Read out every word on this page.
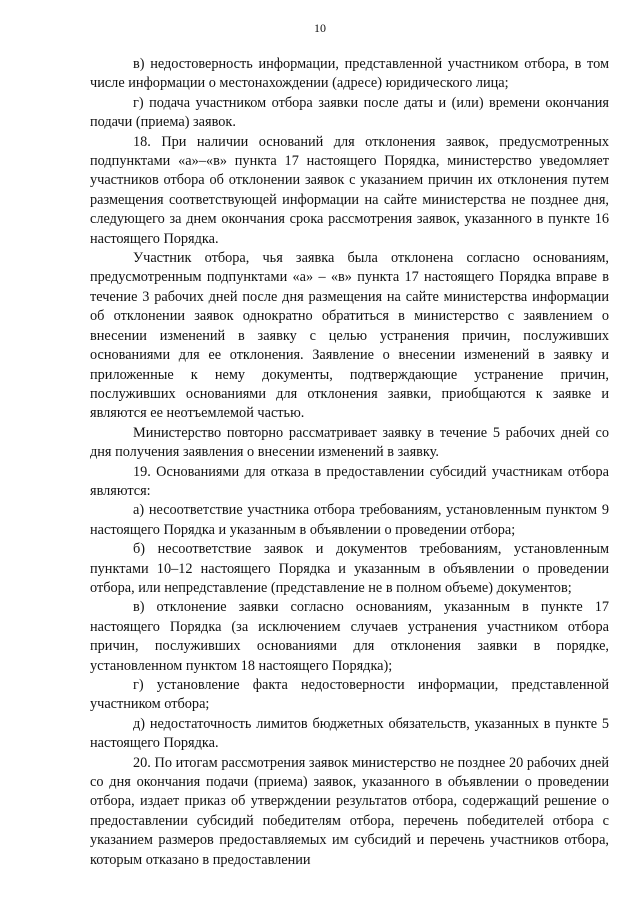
10

в) недостоверность информации, представленной участником отбора, в том числе информации о местонахождении (адресе) юридического лица;

г) подача участником отбора заявки после даты и (или) времени окончания подачи (приема) заявок.

18. При наличии оснований для отклонения заявок, предусмотренных подпунктами «а»–«в» пункта 17 настоящего Порядка, министерство уведомляет участников отбора об отклонении заявок с указанием причин их отклонения путем размещения соответствующей информации на сайте министерства не позднее дня, следующего за днем окончания срока рассмотрения заявок, указанного в пункте 16 настоящего Порядка.

Участник отбора, чья заявка была отклонена согласно основаниям, предусмотренным подпунктами «а» – «в» пункта 17 настоящего Порядка вправе в течение 3 рабочих дней после дня размещения на сайте министерства информации об отклонении заявок однократно обратиться в министерство с заявлением о внесении изменений в заявку с целью устранения причин, послуживших основаниями для ее отклонения. Заявление о внесении изменений в заявку и приложенные к нему документы, подтверждающие устранение причин, послуживших основаниями для отклонения заявки, приобщаются к заявке и являются ее неотъемлемой частью.

Министерство повторно рассматривает заявку в течение 5 рабочих дней со дня получения заявления о внесении изменений в заявку.

19. Основаниями для отказа в предоставлении субсидий участникам отбора являются:

а) несоответствие участника отбора требованиям, установленным пунктом 9 настоящего Порядка и указанным в объявлении о проведении отбора;

б) несоответствие заявок и документов требованиям, установленным пунктами 10–12 настоящего Порядка и указанным в объявлении о проведении отбора, или непредставление (представление не в полном объеме) документов;

в) отклонение заявки согласно основаниям, указанным в пункте 17 настоящего Порядка (за исключением случаев устранения участником отбора причин, послуживших основаниями для отклонения заявки в порядке, установленном пунктом 18 настоящего Порядка);

г) установление факта недостоверности информации, представленной участником отбора;

д) недостаточность лимитов бюджетных обязательств, указанных в пункте 5 настоящего Порядка.

20. По итогам рассмотрения заявок министерство не позднее 20 рабочих дней со дня окончания подачи (приема) заявок, указанного в объявлении о проведении отбора, издает приказ об утверждении результатов отбора, содержащий решение о предоставлении субсидий победителям отбора, перечень победителей отбора с указанием размеров предоставляемых им субсидий и перечень участников отбора, которым отказано в предоставлении
